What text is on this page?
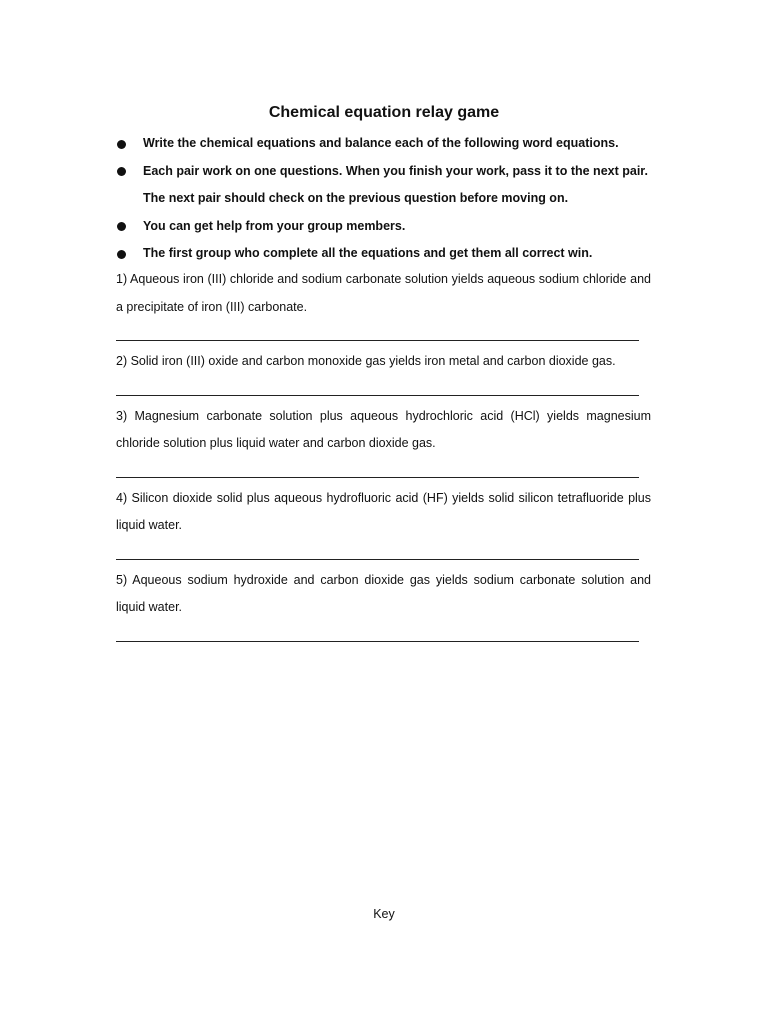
Chemical equation relay game
Write the chemical equations and balance each of the following word equations.
Each pair work on one questions. When you finish your work, pass it to the next pair. The next pair should check on the previous question before moving on.
You can get help from your group members.
The first group who complete all the equations and get them all correct win.

1) Aqueous iron (III) chloride and sodium carbonate solution yields aqueous sodium chloride and a precipitate of iron (III) carbonate.

2) Solid iron (III) oxide and carbon monoxide gas yields iron metal and carbon dioxide gas.

3) Magnesium carbonate solution plus aqueous hydrochloric acid (HCl) yields magnesium chloride solution plus liquid water and carbon dioxide gas.

4) Silicon dioxide solid plus aqueous hydrofluoric acid (HF) yields solid silicon tetrafluoride plus liquid water.

5) Aqueous sodium hydroxide and carbon dioxide gas yields sodium carbonate solution and liquid water.

Key
